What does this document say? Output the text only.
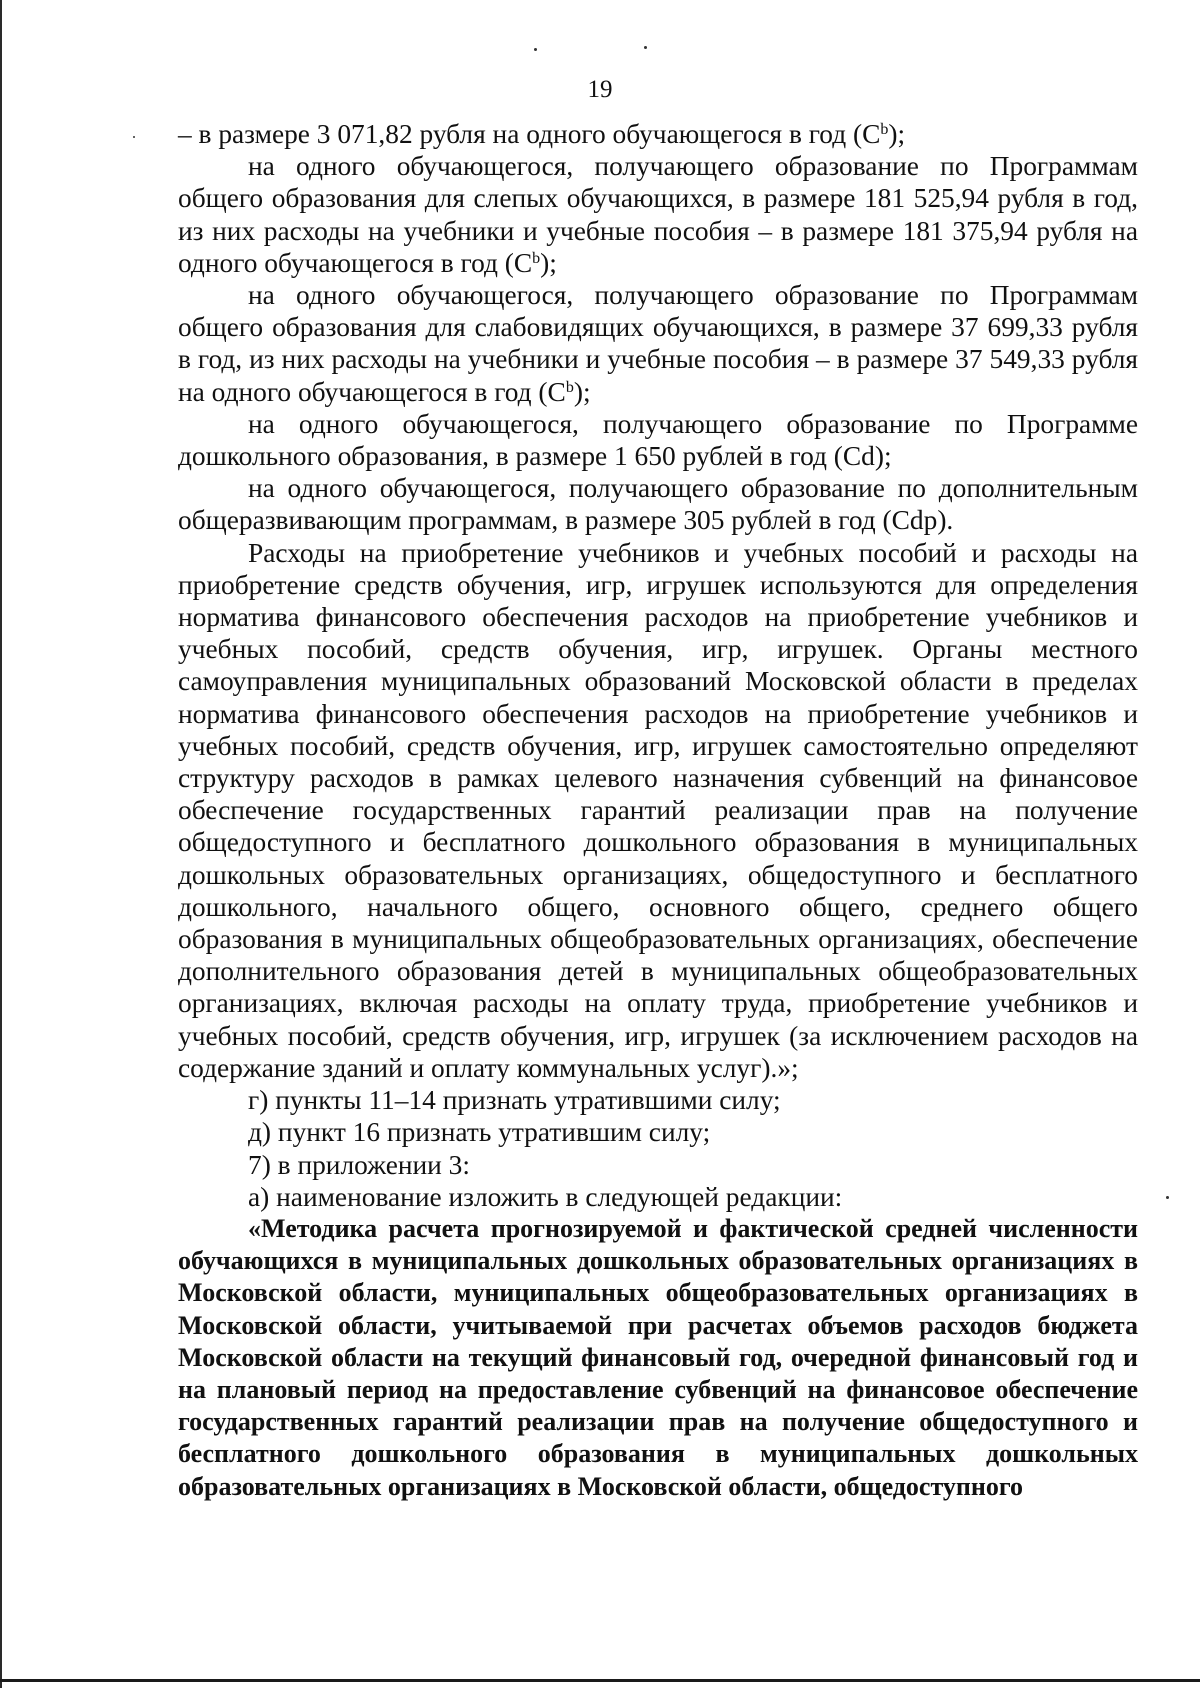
19

– в размере 3 071,82 рубля на одного обучающегося в год $(C^b)$;

на одного обучающегося, получающего образование по Программам общего образования для слепых обучающихся, в размере 181 525,94 рубля в год, из них расходы на учебники и учебные пособия – в размере 181 375,94 рубля на одного обучающегося в год $(C^b)$;

на одного обучающегося, получающего образование по Программам общего образования для слабовидящих обучающихся, в размере 37 699,33 рубля в год, из них расходы на учебники и учебные пособия – в размере 37 549,33 рубля на одного обучающегося в год $(C^b)$;

на одного обучающегося, получающего образование по Программе дошкольного образования, в размере 1 650 рублей в год (Cd);

на одного обучающегося, получающего образование по дополнительным общеразвивающим программам, в размере 305 рублей в год (Cdp).

Расходы на приобретение учебников и учебных пособий и расходы на приобретение средств обучения, игр, игрушек используются для определения норматива финансового обеспечения расходов на приобретение учебников и учебных пособий, средств обучения, игр, игрушек. Органы местного самоуправления муниципальных образований Московской области в пределах норматива финансового обеспечения расходов на приобретение учебников и учебных пособий, средств обучения, игр, игрушек самостоятельно определяют структуру расходов в рамках целевого назначения субвенций на финансовое обеспечение государственных гарантий реализации прав на получение общедоступного и бесплатного дошкольного образования в муниципальных дошкольных образовательных организациях, общедоступного и бесплатного дошкольного, начального общего, основного общего, среднего общего образования в муниципальных общеобразовательных организациях, обеспечение дополнительного образования детей в муниципальных общеобразовательных организациях, включая расходы на оплату труда, приобретение учебников и учебных пособий, средств обучения, игр, игрушек (за исключением расходов на содержание зданий и оплату коммунальных услуг).»;

г) пункты 11–14 признать утратившими силу;

д) пункт 16 признать утратившим силу;

7) в приложении 3:

а) наименование изложить в следующей редакции:

«Методика расчета прогнозируемой и фактической средней численности обучающихся в муниципальных дошкольных образовательных организациях в Московской области, муниципальных общеобразовательных организациях в Московской области, учитываемой при расчетах объемов расходов бюджета Московской области на текущий финансовый год, очередной финансовый год и на плановый период на предоставление субвенций на финансовое обеспечение государственных гарантий реализации прав на получение общедоступного и бесплатного дошкольного образования в муниципальных дошкольных образовательных организациях в Московской области, общедоступного
